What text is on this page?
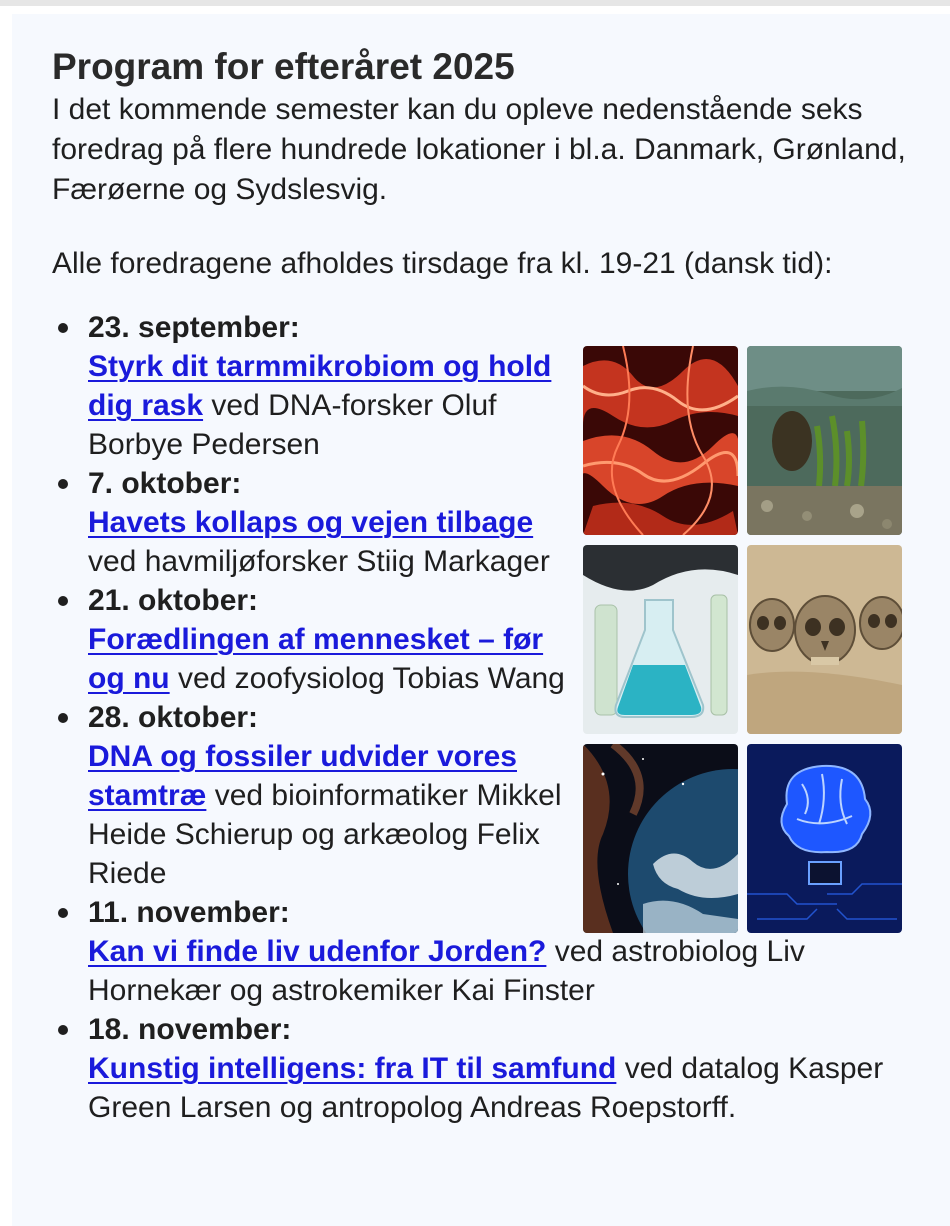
Program for efteråret 2025

I det kommende semester kan du opleve nedenstående seks foredrag på flere hundrede lokationer i bl.a. Danmark, Grønland, Færøerne og Sydslesvig.

Alle foredragene afholdes tirsdage fra kl. 19-21 (dansk tid):

23. september:
Styrk dit tarmmikrobiom og hold dig rask ved DNA-forsker Oluf Borbye Pedersen
7. oktober:
Havets kollaps og vejen tilbage ved havmiljøforsker Stiig Markager
21. oktober:
Forædlingen af mennesket – før og nu ved zoofysiolog Tobias Wang
28. oktober:
DNA og fossiler udvider vores stamtræ ved bioinformatiker Mikkel Heide Schierup og arkæolog Felix Riede
11. november:
Kan vi finde liv udenfor Jorden? ved astrobiolog Liv Hornekær og astrokemiker Kai Finster
18. november:
Kunstig intelligens: fra IT til samfund ved datalog Kasper Green Larsen og antropolog Andreas Roepstorff.
